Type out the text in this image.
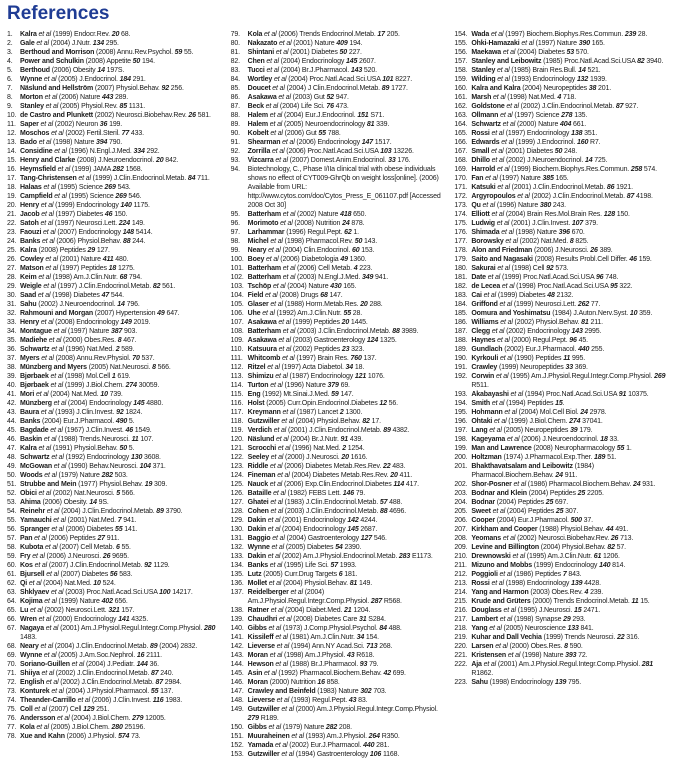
References
1.	Kalra et al (1999) Endocr.Rev. 20 68.
2.	Gale et al (2004) J.Nutr. 134 295.
3.	Berthoud and Morrison (2008) Annu.Rev.Psychol. 59 55.
4.	Power and Schulkin (2008) Appetite 50 194.
5.	Berthoud (2006) Obesity 14 197S.
6.	Wynne et al (2005) J.Endocrinol. 184 291.
7.	Näslund and Hellström (2007) Physiol.Behav. 92 256.
8.	Morton et al (2006) Nature 443 289.
9.	Stanley et al (2005) Physiol.Rev. 85 1131.
10. de Castro and Plunkett (2002) Neurosci.Biobehav.Rev. 26 581.
11. Saper et al (2002) Neuron 36 199.
12. Moschos et al (2002) Fertil.Steril. 77 433.
13. Bado et al (1998) Nature 394 790.
14. Considine et al (1996) N.Engl.J.Med. 334 292.
15. Henry and Clarke (2008) J.Neuroendocrinol. 20 842.
16. Heymsfield et al (1999) JAMA 282 1568.
17. Tang-Christensen et al (1999) J.Clin.Endocrinol.Metab. 84 711.
18. Halaas et al (1995) Science 269 543.
19. Campfield et al (1995) Science 269 546.
20. Henry et al (1999) Endocrinology 140 1175.
21. Jacob et al (1997) Diabetes 46 150.
22. Satoh et al (1997) Neurosci.Lett. 224 149.
23. Faouzi et al (2007) Endocrinology 148 5414.
24. Banks et al (2006) Physiol.Behav. 88 244.
25. Kalra (2008) Peptides 29 127.
26. Cowley et al (2001) Nature 411 480.
27. Matson et al (1997) Peptides 18 1275.
28. Keim et al (1998) Am.J.Clin.Nutr. 68 794.
29. Weigle et al (1997) J.Clin.Endocrinol.Metab. 82 561.
30. Saad et al (1998) Diabetes 47 544.
31. Sahu (2002) J.Neuroendocrinol. 14 796.
32. Rahmouni and Morgan (2007) Hypertension 49 647.
33. Henry et al (2008) Endocrinology 149 2019.
34. Montague et al (1997) Nature 387 903.
35. Madiehe et al (2000) Obes.Res. 8 467.
36. Schwartz et al (1996) Nat.Med. 2 589.
37. Myers et al (2008) Annu.Rev.Physiol. 70 537.
38. Münzberg and Myers (2005) Nat.Neurosci. 8 566.
39. Bjørbaek et al (1998) Mol.Cell 1 619.
40. Bjørbaek et al (1999) J.Biol.Chem. 274 30059.
41. Mori et al (2004) Nat.Med. 10 739.
42. Münzberg et al (2004) Endocrinology 145 4880.
43. Baura et al (1993) J.Clin.Invest. 92 1824.
44. Banks (2004) Eur.J.Pharmacol. 490 5.
45. Bagdade et al (1967) J.Clin.Invest. 46 1549.
46. Baskin et al (1988) Trends.Neurosci. 11 107.
47. Kalra et al (1991) Physiol.Behav. 50 5.
48. Schwartz et al (1992) Endocrinology 130 3608.
49. McGowan et al (1990) Behav.Neurosci. 104 371.
50. Woods et al (1979) Nature 282 503.
51. Strubbe and Mein (1977) Physiol.Behav. 19 309.
52. Obici et al (2002) Nat.Neurosci. 5 566.
53. Ahima (2006) Obesity. 14 9S.
54. Reinehr et al (2004) J.Clin.Endocrinol.Metab. 89 3790.
55. Yamauchi et al (2001) Nat.Med. 7 941.
56. Spranger et al (2006) Diabetes 55 141.
57. Pan et al (2006) Peptides 27 911.
58. Kubota et al (2007) Cell Metab. 6 55.
59. Fry et al (2006) J.Neurosci. 26 9695.
60. Kos et al (2007) J.Clin.Endocrinol.Metab. 92 1129.
61. Bjursell et al (2007) Diabetes 56 583.
62. Qi et al (2004) Nat.Med. 10 524.
63. Shklyaev et al (2003) Proc.Natl.Acad.Sci.USA 100 14217.
64. Kojima et al (1999) Nature 402 656.
65. Lu et al (2002) Neurosci.Lett. 321 157.
66. Wren et al (2000) Endocrinology 141 4325.
67. Nagaya et al (2001) Am.J.Physiol.Regul.Integr.Comp.Physiol. 280 1483.
68. Neary et al (2004) J.Clin.Endocrinol.Metab. 89 (2004) 2832.
69. Wynne et al (2005) J.Am.Soc.Nephrol. 16 2111.
70. Soriano-Guillen et al (2004) J.Pediatr. 144 36.
71. Shiiya et al (2002) J.Clin.Endocrinol.Metab. 87 240.
72. English et al (2002) J.Clin.Endocrinol.Metab. 87 2984.
73. Konturek et al (2004) J.Physiol.Pharmacol. 55 137.
74. Theander-Carrillo et al (2006) J.Clin.Invest. 116 1983.
75. Coll et al (2007) Cell 129 251.
76. Andersson et al (2004) J.Biol.Chem. 279 12005.
77. Kola et al (2005) J.Biol.Chem. 280 25196.
78. Xue and Kahn (2006) J.Physiol. 574 73.
79.	Kola et al (2006) Trends Endocrinol.Metab. 17 205.
80.	Nakazato et al (2001) Nature 409 194.
81.	Shintani et al (2001) Diabetes 50 227.
82.	Chen et al (2004) Endocrinology 145 2607.
83.	Tucci et al (2004) Br.J.Pharmacol. 143 520.
84.	Wortley et al (2004) Proc.Natl.Acad.Sci.USA 101 8227.
85.	Doucet et al (2004) J Clin.Endocrinol.Metab. 89 1727.
86.	Asakawa et al (2003) Gut 52 947.
87.	Beck et al (2004) Life Sci. 76 473.
88.	Halem et al (2004) Eur.J.Endocrinol. 151 S71.
89.	Halem et al (2005) Neuroendocrinology 81 339.
90.	Kobelt et al (2006) Gut 55 788.
91.	Shearman et al (2006) Endocrinology 147 1517.
92.	Zorrilla et al (2006) Proc.Natl.Acad.Sci.USA 103 13226.
93.	Vizcarra et al (2007) Domest.Anim.Endocrinol. 33 176.
94.	Biotechnology, C., Phase I/IIa clinical trial with obese individuals shows no effect of CYT009-GhrQb on weight loss[online]. (2006) Available from URL: http://www.cytos.com/doc/Cytos_Press_E_061107.pdf [Accessed 2008 Oct 30]
95.	Batterham et al (2002) Nature 418 650.
96.	Morimoto et al (2008) Nutrition 24 878.
97.	Larhammar (1996) Regul.Pept. 62 1.
98.	Michel et al (1998) Pharmacol.Rev. 50 143.
99.	Neary et al (2004) Clin.Endocrinol. 60 153.
100. Boey et al (2006) Diabetologia 49 1360.
101. Batterham et al (2006) Cell Metab. 4 223.
102. Batterham et al (2003) N.Engl.J.Med. 349 941.
103. Tschöp et al (2004) Nature 430 165.
104. Field et al (2008) Drugs 68 147.
105. Glaser et al (1988) Horm.Metab.Res. 20 288.
106. Uhe et al (1992) Am.J.Clin.Nutr. 55 28.
107. Asakawa et al (1999) Peptides 20 1445.
108. Batterham et al (2003) J.Clin.Endocrinol.Metab. 88 3989.
109. Asakawa et al (2003) Gastroenterology 124 1325.
110. Katsuura et al (2002) Peptides 23 323.
111. Whitcomb et al (1997) Brain Res. 760 137.
112. Ritzel et al (1997) Acta Diabetol. 34 18.
113. Shimizu et al (1987) Endocrinology 121 1076.
114. Turton et al (1996) Nature 379 69.
115. Eng (1992) Mt.Sinai.J.Med. 59 147.
116. Holst (2005) Curr.Opin.Endocrinol.Diabetes 12 56.
117. Kreymann et al (1987) Lancet 2 1300.
118. Gutzwiller et al (2004) Physiol.Behav. 82 17.
119. Verdich et al (2001) J.Clin.Endocrinol.Metab. 89 4382.
120. Näslund et al (2004) Br.J.Nutr. 91 439.
121. Scrocchi et al (1996) Nat.Med. 2 1254.
122. Seeley et al (2000) J.Neurosci. 20 1616.
123. Riddle et al (2006) Diabetes Metab.Res.Rev. 22 483.
124. Fineman et al (2004) Diabetes Metab.Res.Rev. 20 411.
125. Nauck et al (2006) Exp.Clin.Endocrinol.Diabetes 114 417.
126. Bataille et al (1982) FEBS Lett. 146 79.
127. Ghatei et al (1983) J.Clin.Endocrinol.Metab. 57 488.
128. Cohen et al (2003) J.Clin.Endocrinol.Metab. 88 4696.
129. Dakin et al (2001) Endocrinology 142 4244.
130. Dakin et al (2004) Endocrinology 145 2687.
131. Baggio et al (2004) Gastroenterology 127 546.
132. Wynne et al (2005) Diabetes 54 2390.
133. Dakin et al (2002) Am.J.Physiol.Endocrinol.Metab. 283 E1173.
134. Banks et al (1995) Life Sci. 57 1993.
135. Lutz (2005) Curr.Drug Targets 6 181.
136. Mollet et al (2004) Physiol.Behav. 81 149.
137. Reidelberger et al (2004) Am.J.Physiol.Regul.Integr.Comp.Physiol. 287 R568.
138. Ratner et al (2004) Diabet.Med. 21 1204.
139. Chaudhri et al (2008) Diabetes Care 31 S284.
140. Gibbs et al (1973) J.Comp.Physiol.Psychol. 84 488.
141. Kissileff et al (1981) Am.J.Clin.Nutr. 34 154.
142. Lieverse et al (1994) Ann.NY Acad.Sci. 713 268.
143. Moran et al (1998) Am.J.Physiol. 43 R618.
144. Hewson et al (1988) Br.J.Pharmacol. 93 79.
145. Asin et al (1992) Pharmacol.Biochem.Behav. 42 699.
146. Moran (2000) Nutrition 16 858.
147. Crawley and Beinfeld (1983) Nature 302 703.
148. Lieverse et al (1993) Regul.Pept. 43 83.
149. Gutzwiller et al (2000) Am.J.Physiol.Regul.Integr.Comp.Physiol. 279 R189.
150. Gibbs et al (1979) Nature 282 208.
151. Muuraheinen et al (1993) Am.J.Physiol. 264 R350.
152. Yamada et al (2002) Eur.J.Pharmacol. 440 281.
153. Gutzwiller et al (1994) Gastroenterology 106 1168.
154. Wada et al (1997) Biochem.Biophys.Res.Commun. 239 28.
155. Ohki-Hamazaki et al (1997) Nature 390 165.
156. Maekawa et al (2004) Diabetes 53 570.
157. Stanley and Leibowitz (1985) Proc.Natl.Acad.Sci.USA 82 3940.
158. Stanley et al (1985) Brain Res.Bull. 14 521.
159. Wilding et al (1993) Endocrinology 132 1939.
160. Kalra and Kalra (2004) Neuropeptides 38 201.
161. Marsh et al (1998) Nat.Med. 4 718.
162. Goldstone et al (2002) J.Clin.Endocrinol.Metab. 87 927.
163. Ollmann et al (1997) Science 278 135.
164. Schwartz et al (2000) Nature 404 661.
165. Rossi et al (1997) Endocrinology 138 351.
166. Edwards et al (1999) J.Endocrinol. 160 R7.
167. Small et al (2001) Diabetes 50 248.
168. Dhillo et al (2002) J.Neuroendocrinol. 14 725.
169. Harrold et al (1999) Biochem.Biophys.Res.Commun. 258 574.
170. Fan et al (1997) Nature 385 165.
171. Katsuki et al (2001) J.Clin.Endocrinol.Metab. 86 1921.
172. Argyropoulos et al (2002) J.Clin.Endocrinol.Metab. 87 4198.
173. Qu et al (1996) Nature 380 243.
174. Elliott et al (2004) Brain Res.Mol.Brain Res. 128 150.
175. Ludwig et al (2001) J.Clin.Invest. 107 379.
176. Shimada et al (1998) Nature 396 670.
177. Borowsky et al (2002) Nat.Med. 8 825.
178. Alon and Friedman (2006) J.Neurosci. 26 389.
179. Saito and Nagasaki (2008) Results Probl.Cell Differ. 46 159.
180. Sakurai et al (1998) Cell 92 573.
181. Date et al (1999) Proc.Natl.Acad.Sci.USA 96 748.
182. de Lecea et al (1998) Proc.Natl.Acad.Sci.USA 95 322.
183. Cai et al (1999) Diabetes 48 2132.
184. Griffond et al (1999) Neurosci.Lett. 262 77.
185. Oomura and Yoshimatsu (1984) J.Auton.Nerv.Syst. 10 359.
186. Williams et al (2002) Physiol.Behav. 81 211.
187. Clegg et al (2002) Endocrinology 143 2995.
188. Haynes et al (2000) Regul.Pept. 96 45.
189. Gundlach (2002) Eur.J.Pharmacol. 440 255.
190. Kyrkouli et al (1990) Peptides 11 995.
191. Crawley (1999) Neuropeptides 33 369.
192. Corwin et al (1995) Am.J.Physiol.Regul.Integr.Comp.Physiol. 269 R511.
193. Akabayashi et al (1994) Proc.Natl.Acad.Sci.USA 91 10375.
194. Smith et al (1994) Peptides 15.
195. Hohmann et al (2004) Mol.Cell Biol. 24 2978.
196. Ohtaki et al (1999) J.Biol.Chem. 274 37041.
197. Lang et al (2005) Neuropeptides 39 179.
198. Kageyama et al (2006) J.Neuroendocrinol. 18 33.
199. Man and Lawrence (2008) Neuropharmacology 55 1.
200. Holtzman (1974) J.Pharmacol.Exp.Ther. 189 51.
201. Bhakthavatsalam and Leibowitz (1984) Pharmacol.Biochem.Behav. 24 911.
202. Shor-Posner et al (1986) Pharmacol.Biochem.Behav. 24 931.
203. Bodnar and Klein (2004) Peptides 25 2205.
204. Bodnar (2004) Peptides 25 697.
205. Sweet et al (2004) Peptides 25 307.
206. Cooper (2004) Eur.J.Pharmacol. 500 37.
207. Kirkham and Cooper (1988) Physiol.Behav. 44 491.
208. Yeomans et al (2002) Neurosci.Biobehav.Rev. 26 713.
209. Levine and Billington (2004) Physiol.Behav. 82 57.
210. Drewnowski et al (1995) Am.J.Clin.Nutr. 61 1206.
211. Mizuno and Mobbs (1999) Endocrinology 140 814.
212. Poggioli et al (1986) Peptides 7 843.
213. Rossi et al (1998) Endocrinology 139 4428.
214. Yang and Harmon (2003) Obes.Rev. 4 239.
215. Krude and Grüters (2000) Trends Endocrinol.Metab. 11 15.
216. Douglass et al (1995) J.Neurosci. 15 2471.
217. Lambert et al (1998) Synapse 29 293.
218. Yang et al (2005) Neuroscience 133 841.
219. Kuhar and Dall Vechia (1999) Trends Neurosci. 22 316.
220. Larsen et al (2000) Obes.Res. 8 590.
221. Kristensen et al (1998) Nature 393 72.
222. Aja et al (2001) Am.J.Physiol.Regul.Integr.Comp.Physiol. 281 R1862.
223. Sahu (1998) Endocrinology 139 795.
